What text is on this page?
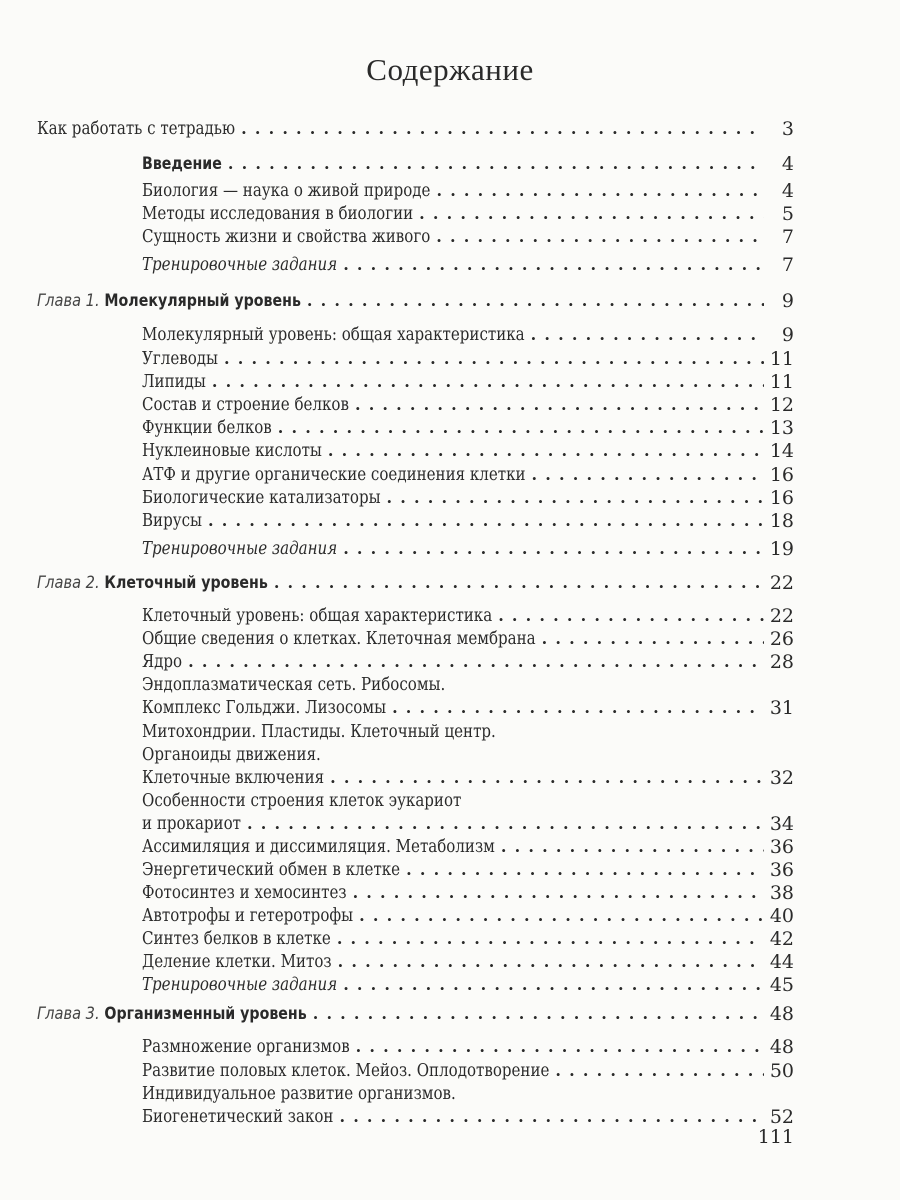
Содержание
Как работать с тетрадью . . .	3
Введение . . .	4
Биология — наука о живой природе . . .	4
Методы исследования в биологии . . .	5
Сущность жизни и свойства живого . . .	7
Тренировочные задания . . .	7
Глава 1. Молекулярный уровень . . .	9
Молекулярный уровень: общая характеристика . . .	9
Углеводы . . .	11
Липиды . . .	11
Состав и строение белков . . .	12
Функции белков . . .	13
Нуклеиновые кислоты . . .	14
АТФ и другие органические соединения клетки . . .	16
Биологические катализаторы . . .	16
Вирусы . . .	18
Тренировочные задания . . .	19
Глава 2. Клеточный уровень . . .	22
Клеточный уровень: общая характеристика . . .	22
Общие сведения о клетках. Клеточная мембрана . . .	26
Ядро . . .	28
Эндоплазматическая сеть. Рибосомы.
Комплекс Гольджи. Лизосомы . . .	31
Митохондрии. Пластиды. Клеточный центр.
Органоиды движения.
Клеточные включения . . .	32
Особенности строения клеток эукариот
и прокариот . . .	34
Ассимиляция и диссимиляция. Метаболизм . . .	36
Энергетический обмен в клетке . . .	36
Фотосинтез и хемосинтез . . .	38
Автотрофы и гетеротрофы . . .	40
Синтез белков в клетке . . .	42
Деление клетки. Митоз . . .	44
Тренировочные задания . . .	45
Глава 3. Организменный уровень . . .	48
Размножение организмов . . .	48
Развитие половых клеток. Мейоз. Оплодотворение . . .	50
Индивидуальное развитие организмов.
Биогенетический закон . . .	52
111
